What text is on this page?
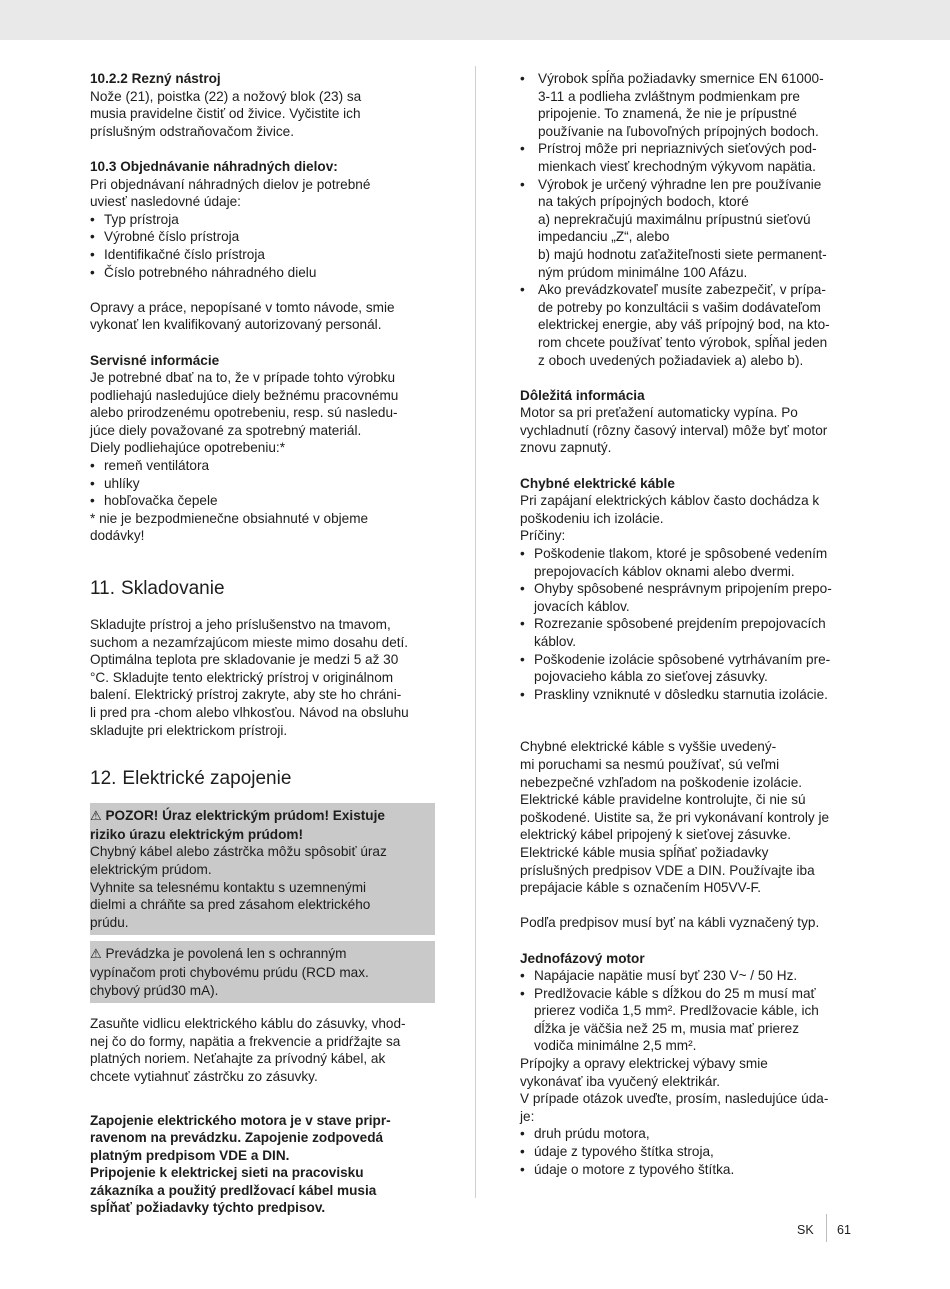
10.2.2 Rezný nástroj

Nože (21), poistka (22) a nožový blok (23) sa
musia pravidelne čistiť od živice. Vyčistite ich
príslušným odstraňovačom živice.

10.3 Objednávanie náhradných dielov:

Pri objednávaní náhradných dielov je potrebné
uviesť nasledovné údaje:

• Typ prístroja
• Výrobné číslo prístroja
• Identifikačné číslo prístroja
• Číslo potrebného náhradného dielu

Opravy a práce, nepopísané v tomto návode, smie
vykonať len kvalifikovaný autorizovaný personál.

Servisné informácie

Je potrebné dbať na to, že v prípade tohto výrobku
podliehajú nasledujúce diely bežnému pracovnému
alebo prirodzenému opotrebeniu, resp. sú nasledu-
júce diely považované za spotrebný materiál.
Diely podliehajúce opotrebeniu:*

• remeň ventilátora
• uhlíky
• hobľovačka čepele

* nie je bezpodmienečne obsiahnuté v objeme
dodávky!

11. Skladovanie

Skladujte prístroj a jeho príslušenstvo na tmavom,
suchom a nezamŕzajúcom mieste mimo dosahu detí.
Optimálna teplota pre skladovanie je medzi 5 až 30
°C. Skladujte tento elektrický prístroj v originálnom
balení. Elektrický prístroj zakryte, aby ste ho chráni-
li pred pra -chom alebo vlhkosťou. Návod na obsluhu
skladujte pri elektrickom prístroji.

12. Elektrické zapojenie

⚠ POZOR! Úraz elektrickým prúdom! Existuje
riziko úrazu elektrickým prúdom!

Chybný kábel alebo zástrčka môžu spôsobiť úraz
elektrickým prúdom.
Vyhnite sa telesnému kontaktu s uzemnenými
dielmi a chráňte sa pred zásahom elektrického
prúdu.

⚠ Prevádzka je povolená len s ochranným
vypínačom proti chybovému prúdu (RCD max.
chybový prúd30 mA).

Zasuňte vidlicu elektrického káblu do zásuvky, vhod-
nej čo do formy, napätia a frekvencie a pridŕžajte sa
platných noriem. Neťahajte za prívodný kábel, ak
chcete vytiahnuť zástrčku zo zásuvky.

Zapojenie elektrického motora je v stave pripr-
ravenom na prevádzku. Zapojenie zodpovedá
platným predpisom VDE a DIN.
Pripojenie k elektrickej sieti na pracovisku
zákazníka a použitý predlžovací kábel musia
spĺňať požiadavky týchto predpisov.

• Výrobok spĺňa požiadavky smernice EN 61000-
3-11 a podlieha zvláštnym podmienkam pre
pripojenie. To znamená, že nie je prípustné
používanie na ľubovoľných prípojných bodoch.
• Prístroj môže pri nepriaznivých sieťových pod-
mienkach viesť krechodným výkyvom napätia.
• Výrobok je určený výhradne len pre používanie
na takých prípojných bodoch, ktoré
a) neprekračujú maximálnu prípustnú sieťovú
impedanciu „Z“, alebo
b) majú hodnotu zaťažiteľnosti siete permanent-
ným prúdom minimálne 100 Afázu.
• Ako prevádzkovateľ musíte zabezpečiť, v prípa-
de potreby po konzultácii s vašim dodávateľom
elektrickej energie, aby váš prípojný bod, na kto-
rom chcete používať tento výrobok, spĺňal jeden
z oboch uvedených požiadaviek a) alebo b).

Dôležitá informácia

Motor sa pri preťažení automaticky vypína. Po
vychladnutí (rôzny časový interval) môže byť motor
znovu zapnutý.

Chybné elektrické káble

Pri zapájaní elektrických káblov často dochádza k
poškodeniu ich izolácie.
Príčiny:

• Poškodenie tlakom, ktoré je spôsobené vedením
prepojovacích káblov oknami alebo dvermi.
• Ohyby spôsobené nesprávnym pripojením prepo-
jovacích káblov.
• Rozrezanie spôsobené prejdením prepojovacích
káblov.
• Poškodenie izolácie spôsobené vytrhávaním pre-
pojovacieho kábla zo sieťovej zásuvky.
• Praskliny vzniknuté v dôsledku starnutia izolácie.

Chybné elektrické káble s vyššie uvedený-
mi poruchami sa nesmú používať, sú veľmi
nebezpečné vzhľadom na poškodenie izolácie.
Elektrické káble pravidelne kontrolujte, či nie sú
poškodené. Uistite sa, že pri vykonávaní kontroly je
elektrický kábel pripojený k sieťovej zásuvke.
Elektrické káble musia spĺňať požiadavky
príslušných predpisov VDE a DIN. Používajte iba
prepájacie káble s označením H05VV-F.

Podľa predpisov musí byť na kábli vyznačený typ.

Jednofázový motor

• Napájacie napätie musí byť 230 V~ / 50 Hz.
• Predlžovacie káble s dĺžkou do 25 m musí mať
prierez vodiča 1,5 mm². Predlžovacie káble, ich
dĺžka je väčšia než 25 m, musia mať prierez
vodiča minimálne 2,5 mm².

Prípojky a opravy elektrickej výbavy smie
vykonávať iba vyučený elektrikár.
V prípade otázok uveďte, prosím, nasledujúce úda-
je:

• druh prúdu motora,
• údaje z typového štítka stroja,
• údaje o motore z typového štítka.
SK 61
